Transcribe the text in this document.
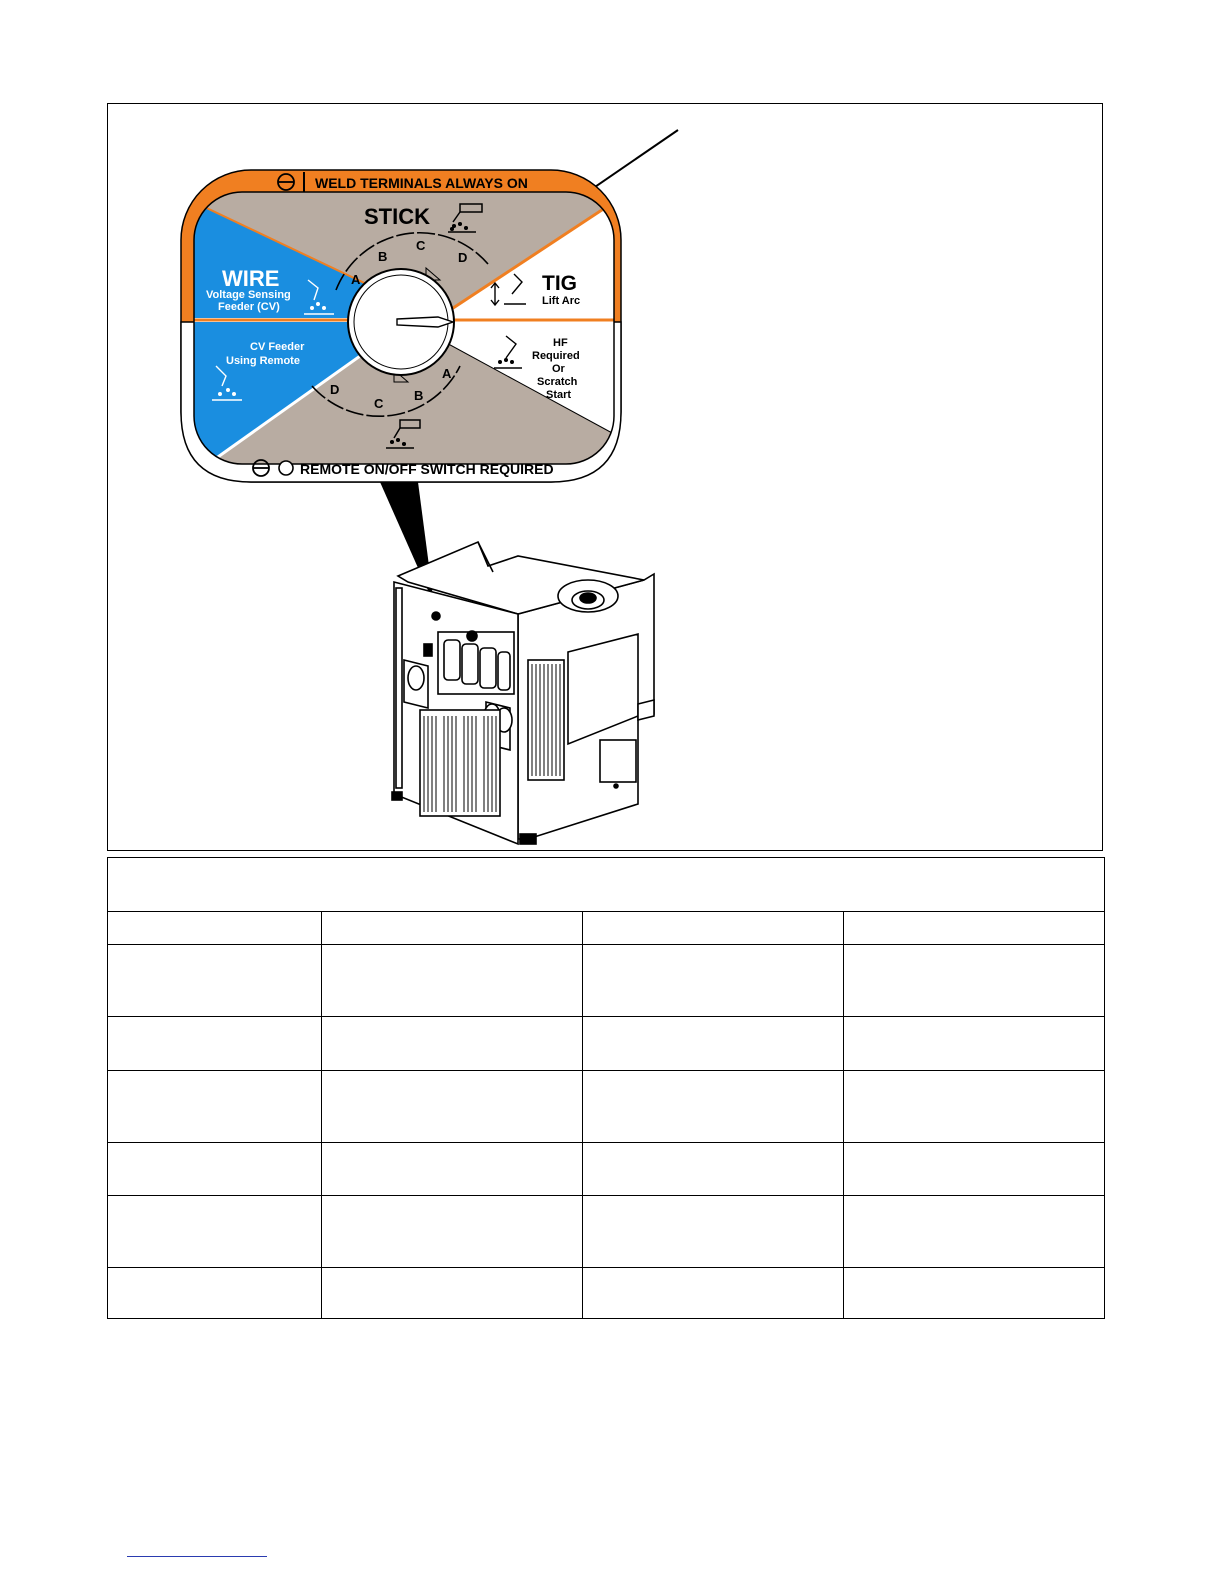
WELD TERMINALS ALWAYS ON
REMOTE ON/OFF SWITCH REQUIRED
STICK
A
B
C
D
D
C
B
A
WIRE
Voltage Sensing
Feeder (CV)
CV Feeder
Using Remote
TIG
Lift Arc
HF
Required
Or
Scratch
Start
